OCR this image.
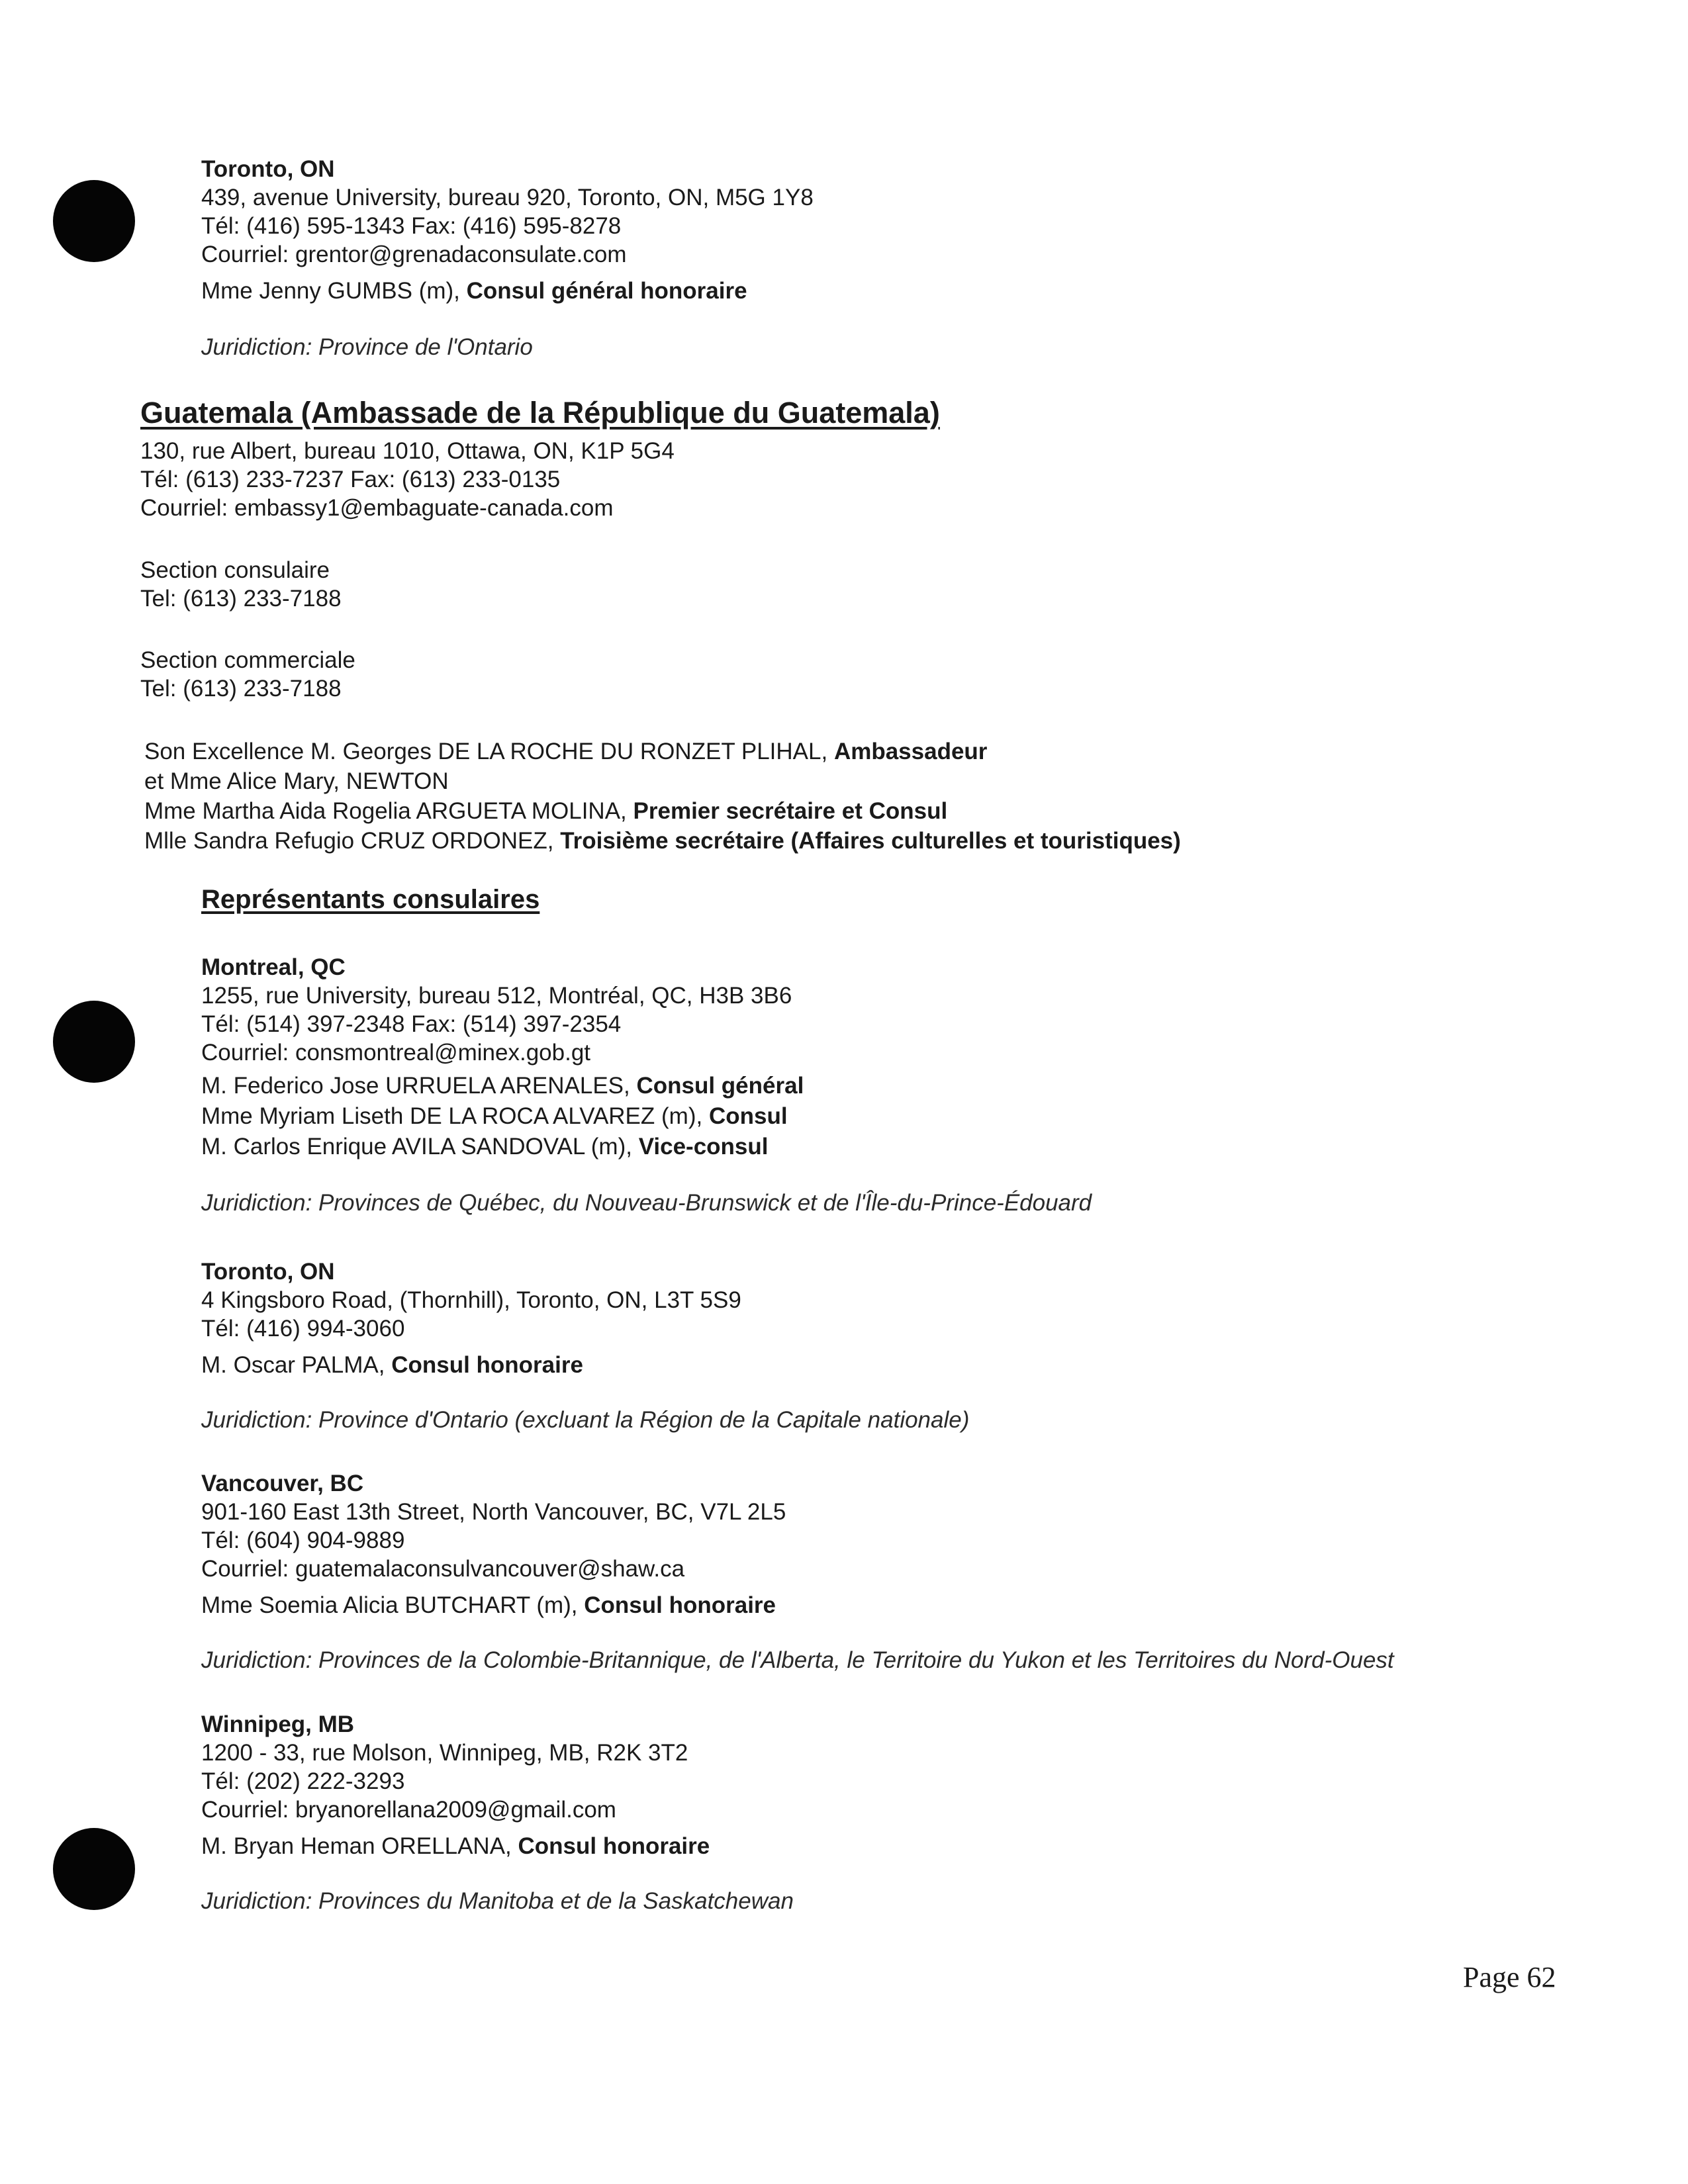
Toronto, ON
439, avenue University, bureau 920, Toronto, ON, M5G 1Y8
Tél: (416) 595-1343 Fax: (416) 595-8278
Courriel: grentor@grenadaconsulate.com
Mme Jenny GUMBS (m), Consul général honoraire
Juridiction: Province de l'Ontario
Guatemala (Ambassade de la République du Guatemala)
130, rue Albert, bureau 1010, Ottawa, ON, K1P 5G4
Tél: (613) 233-7237 Fax: (613) 233-0135
Courriel: embassy1@embaguate-canada.com
Section consulaire
Tel: (613) 233-7188
Section commerciale
Tel: (613) 233-7188
Son Excellence M. Georges DE LA ROCHE DU RONZET PLIHAL, Ambassadeur
et Mme Alice Mary, NEWTON
Mme Martha Aida Rogelia ARGUETA MOLINA, Premier secrétaire et Consul
Mlle Sandra Refugio CRUZ ORDONEZ, Troisième secrétaire (Affaires culturelles et touristiques)
Représentants consulaires
Montreal, QC
1255, rue University, bureau 512, Montréal, QC, H3B 3B6
Tél: (514) 397-2348 Fax: (514) 397-2354
Courriel: consmontreal@minex.gob.gt
M. Federico Jose URRUELA ARENALES, Consul général
Mme Myriam Liseth DE LA ROCA ALVAREZ (m), Consul
M. Carlos Enrique AVILA SANDOVAL (m), Vice-consul
Juridiction: Provinces de Québec, du Nouveau-Brunswick et de l'Île-du-Prince-Édouard
Toronto, ON
4 Kingsboro Road, (Thornhill), Toronto, ON, L3T 5S9
Tél: (416) 994-3060
M. Oscar PALMA, Consul honoraire
Juridiction: Province d'Ontario (excluant la Région de la Capitale nationale)
Vancouver, BC
901-160 East 13th Street, North Vancouver, BC, V7L 2L5
Tél: (604) 904-9889
Courriel: guatemalaconsulvancouver@shaw.ca
Mme Soemia Alicia BUTCHART (m), Consul honoraire
Juridiction: Provinces de la Colombie-Britannique, de l'Alberta, le Territoire du Yukon et les Territoires du Nord-Ouest
Winnipeg, MB
1200 - 33, rue Molson, Winnipeg, MB, R2K 3T2
Tél: (202) 222-3293
Courriel: bryanorellana2009@gmail.com
M. Bryan Heman ORELLANA, Consul honoraire
Juridiction: Provinces du Manitoba et de la Saskatchewan
Page 62
